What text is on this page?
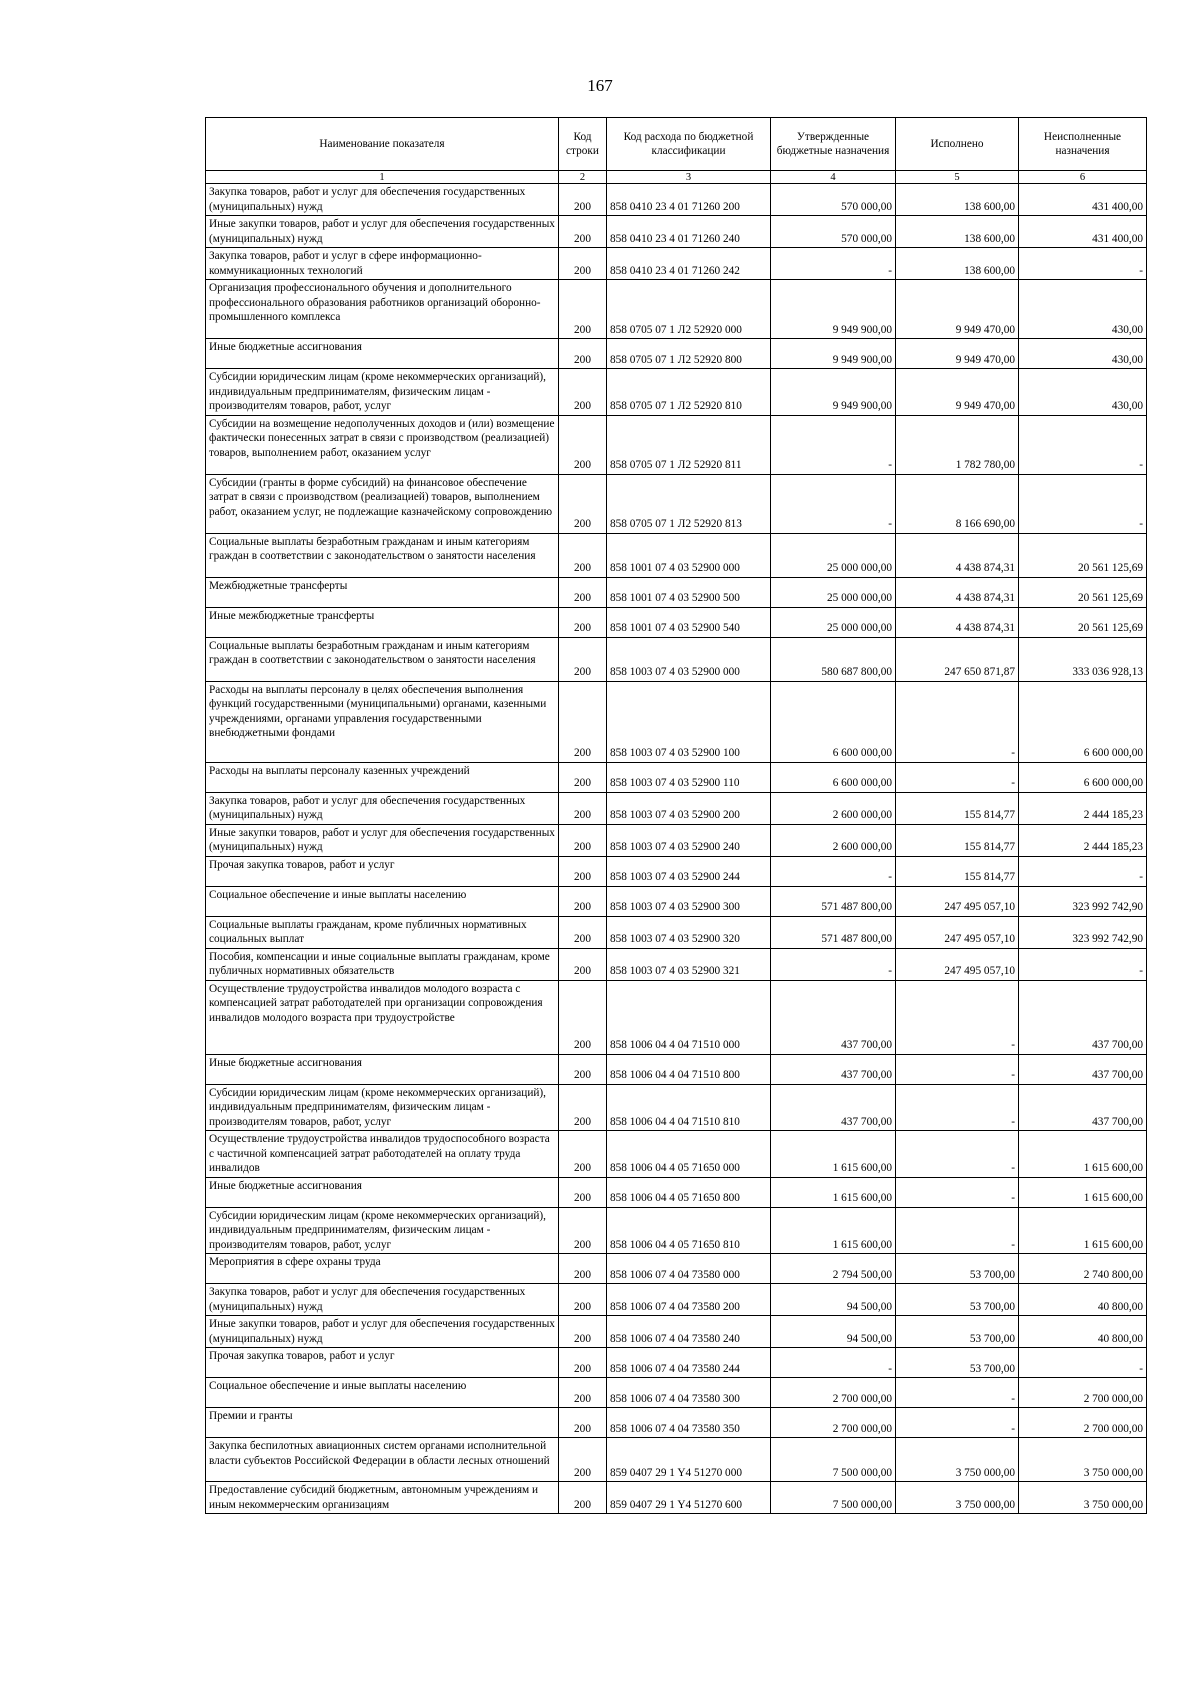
167
Наименование показателя	Код строки	Код расхода по бюджетной классификации	Утвержденные бюджетные назначения	Исполнено	Неисполненные назначения
1	2	3	4	5	6
Закупка товаров, работ и услуг для обеспечения государственных (муниципальных) нужд	200	858 0410 23 4 01 71260 200	570 000,00	138 600,00	431 400,00
Иные закупки товаров, работ и услуг для обеспечения государственных (муниципальных) нужд	200	858 0410 23 4 01 71260 240	570 000,00	138 600,00	431 400,00
Закупка товаров, работ и услуг в сфере информационно-коммуникационных технологий	200	858 0410 23 4 01 71260 242	-	138 600,00	-
Организация профессионального обучения и дополнительного профессионального образования работников организаций оборонно-промышленного комплекса	200	858 0705 07 1 Л2 52920 000	9 949 900,00	9 949 470,00	430,00
Иные бюджетные ассигнования	200	858 0705 07 1 Л2 52920 800	9 949 900,00	9 949 470,00	430,00
Субсидии юридическим лицам (кроме некоммерческих организаций), индивидуальным предпринимателям, физическим лицам - производителям товаров, работ, услуг	200	858 0705 07 1 Л2 52920 810	9 949 900,00	9 949 470,00	430,00
Субсидии на возмещение недополученных доходов и (или) возмещение фактически понесенных затрат в связи с производством (реализацией) товаров, выполнением работ, оказанием услуг	200	858 0705 07 1 Л2 52920 811	-	1 782 780,00	-
Субсидии (гранты в форме субсидий) на финансовое обеспечение затрат в связи с производством (реализацией) товаров, выполнением работ, оказанием услуг, не подлежащие казначейскому сопровождению	200	858 0705 07 1 Л2 52920 813	-	8 166 690,00	-
Социальные выплаты безработным гражданам и иным категориям граждан в соответствии с законодательством о занятости населения	200	858 1001 07 4 03 52900 000	25 000 000,00	4 438 874,31	20 561 125,69
Межбюджетные трансферты	200	858 1001 07 4 03 52900 500	25 000 000,00	4 438 874,31	20 561 125,69
Иные межбюджетные трансферты	200	858 1001 07 4 03 52900 540	25 000 000,00	4 438 874,31	20 561 125,69
Социальные выплаты безработным гражданам и иным категориям граждан в соответствии с законодательством о занятости населения	200	858 1003 07 4 03 52900 000	580 687 800,00	247 650 871,87	333 036 928,13
Расходы на выплаты персоналу в целях обеспечения выполнения функций государственными (муниципальными) органами, казенными учреждениями, органами управления государственными внебюджетными фондами	200	858 1003 07 4 03 52900 100	6 600 000,00	-	6 600 000,00
Расходы на выплаты персоналу казенных учреждений	200	858 1003 07 4 03 52900 110	6 600 000,00	-	6 600 000,00
Закупка товаров, работ и услуг для обеспечения государственных (муниципальных) нужд	200	858 1003 07 4 03 52900 200	2 600 000,00	155 814,77	2 444 185,23
Иные закупки товаров, работ и услуг для обеспечения государственных (муниципальных) нужд	200	858 1003 07 4 03 52900 240	2 600 000,00	155 814,77	2 444 185,23
Прочая закупка товаров, работ и услуг	200	858 1003 07 4 03 52900 244	-	155 814,77	-
Социальное обеспечение и иные выплаты населению	200	858 1003 07 4 03 52900 300	571 487 800,00	247 495 057,10	323 992 742,90
Социальные выплаты гражданам, кроме публичных нормативных социальных выплат	200	858 1003 07 4 03 52900 320	571 487 800,00	247 495 057,10	323 992 742,90
Пособия, компенсации и иные социальные выплаты гражданам, кроме публичных нормативных обязательств	200	858 1003 07 4 03 52900 321	-	247 495 057,10	-
Осуществление трудоустройства инвалидов молодого возраста с компенсацией затрат работодателей при организации сопровождения инвалидов молодого возраста при трудоустройстве	200	858 1006 04 4 04 71510 000	437 700,00	-	437 700,00
Иные бюджетные ассигнования	200	858 1006 04 4 04 71510 800	437 700,00	-	437 700,00
Субсидии юридическим лицам (кроме некоммерческих организаций), индивидуальным предпринимателям, физическим лицам - производителям товаров, работ, услуг	200	858 1006 04 4 04 71510 810	437 700,00	-	437 700,00
Осуществление трудоустройства инвалидов трудоспособного возраста с частичной компенсацией затрат работодателей на оплату труда инвалидов	200	858 1006 04 4 05 71650 000	1 615 600,00	-	1 615 600,00
Иные бюджетные ассигнования	200	858 1006 04 4 05 71650 800	1 615 600,00	-	1 615 600,00
Субсидии юридическим лицам (кроме некоммерческих организаций), индивидуальным предпринимателям, физическим лицам - производителям товаров, работ, услуг	200	858 1006 04 4 05 71650 810	1 615 600,00	-	1 615 600,00
Мероприятия в сфере охраны труда	200	858 1006 07 4 04 73580 000	2 794 500,00	53 700,00	2 740 800,00
Закупка товаров, работ и услуг для обеспечения государственных (муниципальных) нужд	200	858 1006 07 4 04 73580 200	94 500,00	53 700,00	40 800,00
Иные закупки товаров, работ и услуг для обеспечения государственных (муниципальных) нужд	200	858 1006 07 4 04 73580 240	94 500,00	53 700,00	40 800,00
Прочая закупка товаров, работ и услуг	200	858 1006 07 4 04 73580 244	-	53 700,00	-
Социальное обеспечение и иные выплаты населению	200	858 1006 07 4 04 73580 300	2 700 000,00	-	2 700 000,00
Премии и гранты	200	858 1006 07 4 04 73580 350	2 700 000,00	-	2 700 000,00
Закупка беспилотных авиационных систем органами исполнительной власти субъектов Российской Федерации в области лесных отношений	200	859 0407 29 1 Y4 51270 000	7 500 000,00	3 750 000,00	3 750 000,00
Предоставление субсидий бюджетным, автономным учреждениям и иным некоммерческим организациям	200	859 0407 29 1 Y4 51270 600	7 500 000,00	3 750 000,00	3 750 000,00
